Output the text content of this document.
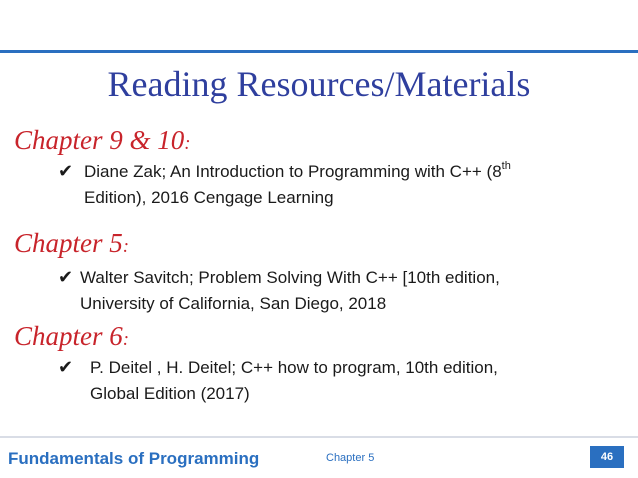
Reading Resources/Materials
Chapter 9 & 10:
✔ Diane Zak; An Introduction to Programming with C++ (8th
Edition), 2016 Cengage Learning
Chapter 5:
✔ Walter Savitch; Problem Solving With C++ [10th edition,
University of California, San Diego, 2018
Chapter 6:
✔ P. Deitel , H. Deitel; C++ how to program, 10th edition,
Global Edition (2017)
Fundamentals of Programming	Chapter 5	46
